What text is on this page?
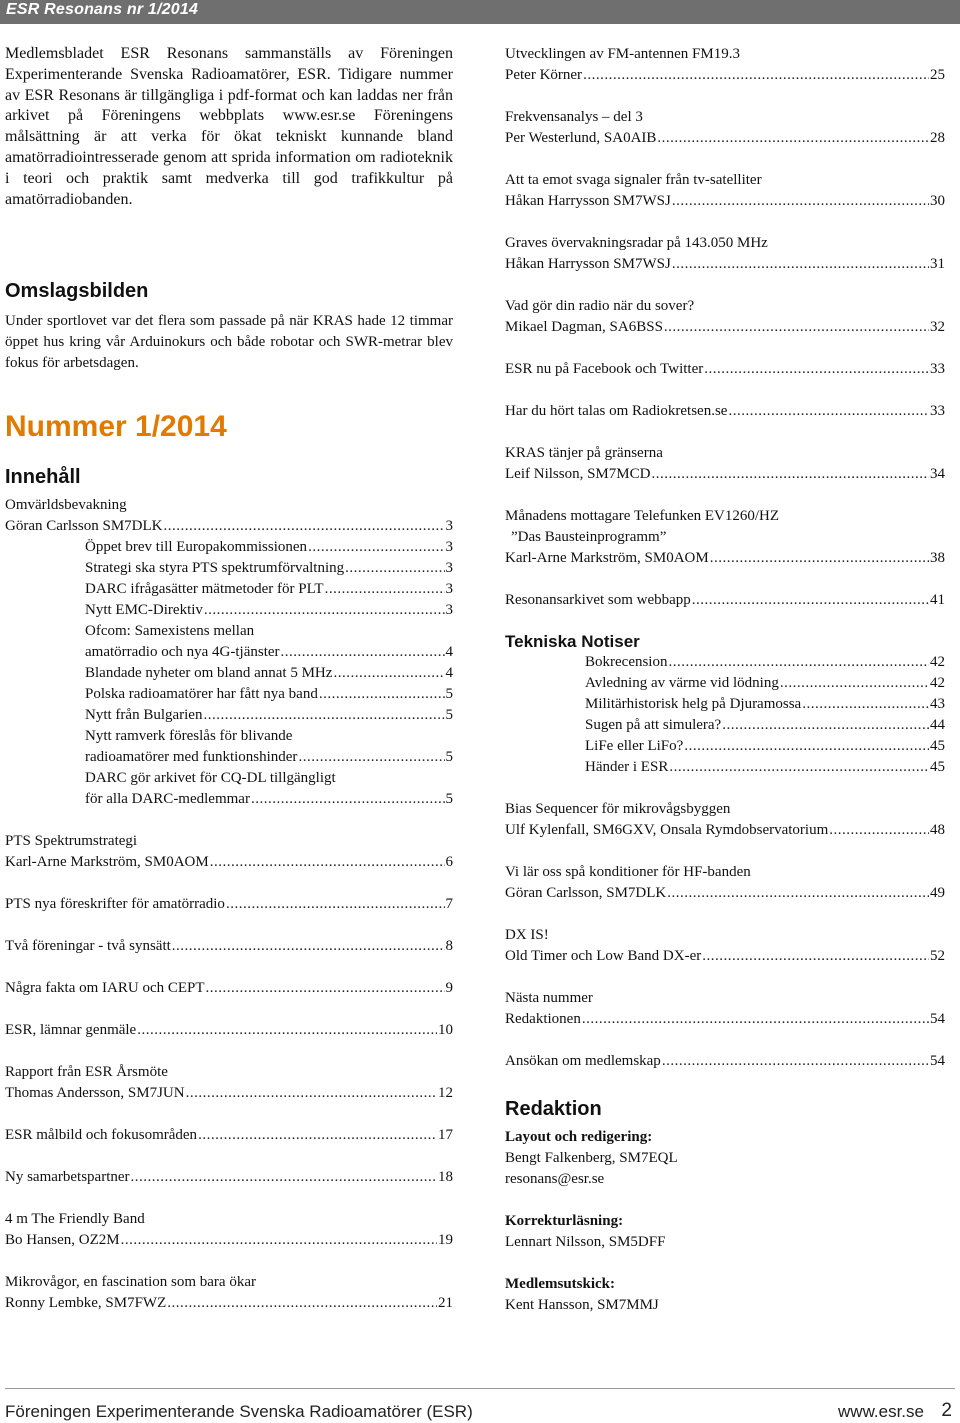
ESR Resonans nr 1/2014

Medlemsbladet ESR Resonans sammanställs av Föreningen Experimenterande Svenska Radioamatörer, ESR. Tidigare nummer av ESR Resonans är tillgängliga i pdf-format och kan laddas ner från arkivet på Föreningens webbplats www.esr.se Föreningens målsättning är att verka för ökat tekniskt kunnande bland amatörradiointresserade genom att sprida information om radioteknik i teori och praktik samt medverka till god trafikkultur på amatörradiobanden.

Omslagsbilden

Under sportlovet var det flera som passade på när KRAS hade 12 timmar öppet hus kring vår Arduinokurs och både robotar och SWR-metrar blev fokus för arbetsdagen.

Nummer 1/2014

Innehåll

Omvärldsbevakning
Göran Carlsson SM7DLK .....	3
Öppet brev till Europakommissionen .....	3
Strategi ska styra PTS spektrumförvaltning .....	3
DARC ifrågasätter mätmetoder för PLT .....	3
Nytt EMC-Direktiv .....	3
Ofcom: Samexistens mellan
amatörradio och nya 4G-tjänster .....	4
Blandade nyheter om bland annat 5 MHz .....	4
Polska radioamatörer har fått nya band .....	5
Nytt från Bulgarien .....	5
Nytt ramverk föreslås för blivande
radioamatörer med funktionshinder .....	5
DARC gör arkivet för CQ-DL tillgängligt
för alla DARC-medlemmar .....	5
PTS Spektrumstrategi
Karl-Arne Markström, SM0AOM .....	6
PTS nya föreskrifter för amatörradio .....	7
Två föreningar - två synsätt .....	8
Några fakta om IARU och CEPT .....	9
ESR, lämnar genmäle .....	10
Rapport från ESR Årsmöte
Thomas Andersson, SM7JUN .....	12
ESR målbild och fokusområden .....	17
Ny samarbetspartner .....	18
4 m The Friendly Band
Bo Hansen, OZ2M .....	19
Mikrovågor, en fascination som bara ökar
Ronny Lembke, SM7FWZ .....	21
Utvecklingen av FM-antennen FM19.3
Peter Körner .....	25
Frekvensanalys – del 3
Per Westerlund, SA0AIB .....	28
Att ta emot svaga signaler från tv-satelliter
Håkan Harrysson SM7WSJ .....	30
Graves övervakningsradar på 143.050 MHz
Håkan Harrysson SM7WSJ .....	31
Vad gör din radio när du sover?
Mikael Dagman, SA6BSS .....	32
ESR nu på Facebook och Twitter .....	33
Har du hört talas om Radiokretsen.se .....	33
KRAS tänjer på gränserna
Leif Nilsson, SM7MCD .....	34
Månadens mottagare Telefunken EV1260/HZ
”Das Bausteinprogramm”
Karl-Arne Markström, SM0AOM .....	38
Resonansarkivet som webbapp .....	41
Tekniska Notiser
Bokrecension .....	42
Avledning av värme vid lödning .....	42
Militärhistorisk helg på Djuramossa .....	43
Sugen på att simulera? .....	44
LiFe eller LiFo? .....	45
Händer i ESR .....	45
Bias Sequencer för mikrovågsbyggen
Ulf Kylenfall, SM6GXV, Onsala Rymdobservatorium .....	48
Vi lär oss spå konditioner för HF-banden
Göran Carlsson, SM7DLK .....	49
DX IS!
Old Timer och Low Band DX-er .....	52
Nästa nummer
Redaktionen .....	54
Ansökan om medlemskap .....	54

Redaktion

Layout och redigering:
Bengt Falkenberg, SM7EQL
resonans@esr.se
Korrekturläsning:
Lennart Nilsson, SM5DFF
Medlemsutskick:
Kent Hansson, SM7MMJ
Föreningen Experimenterande Svenska Radioamatörer (ESR)	www.esr.se 2
